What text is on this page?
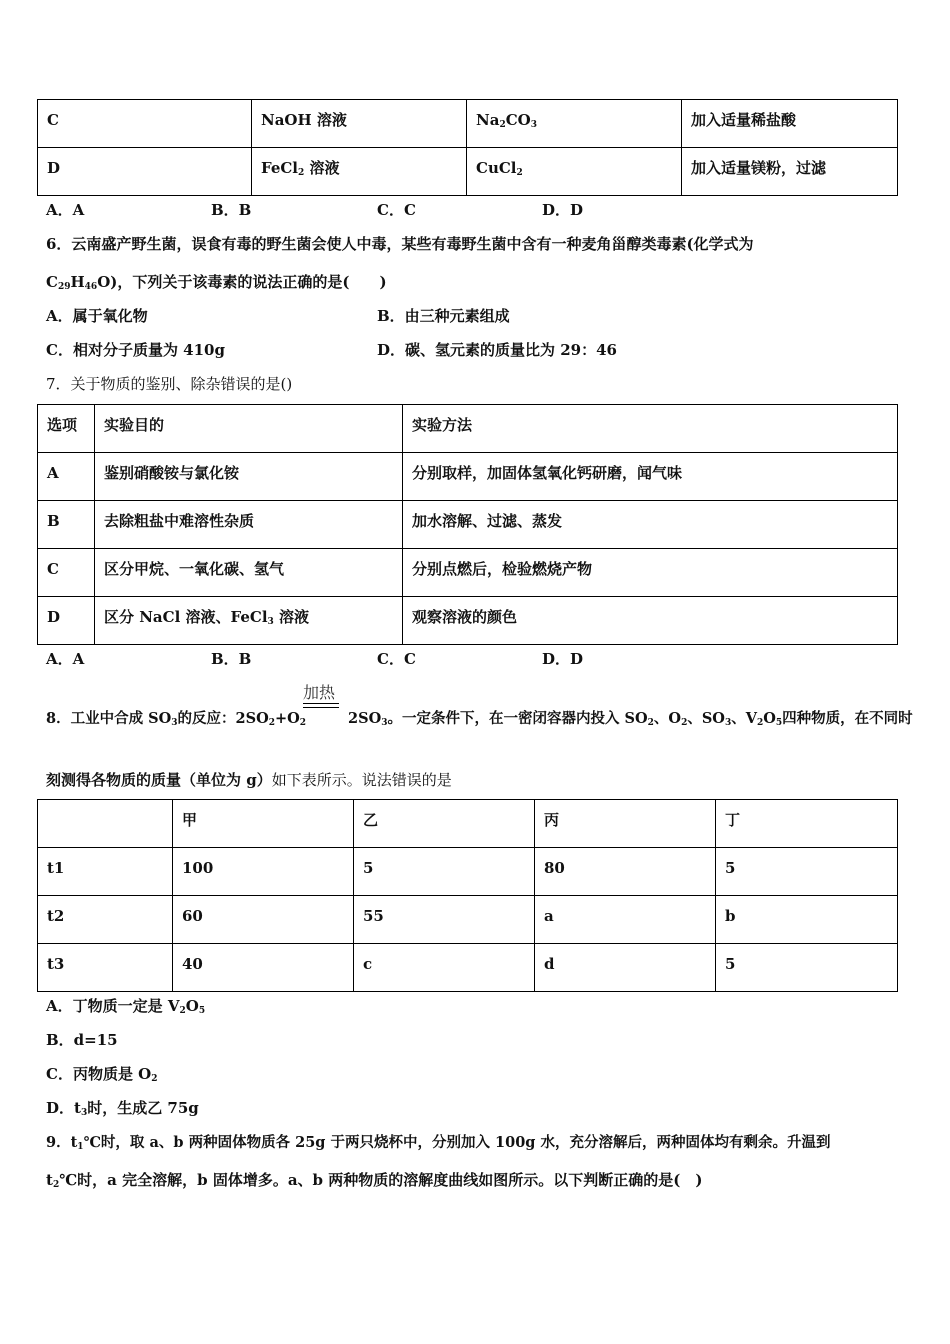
C	NaOH 溶液	$Na_2CO_3$	加入适量稀盐酸
D	FeCl$_2$ 溶液	CuCl$_2$	加入适量镁粉，过滤
A．A	B．B	C．C	D．D
6．云南盛产野生菌，误食有毒的野生菌会使人中毒，某些有毒野生菌中含有一种麦角甾醇类毒素(化学式为
$C_{29}H_{46}O$)，下列关于该毒素的说法正确的是(　　)
A．属于氧化物	B．由三种元素组成
C．相对分子质量为 410g	D．碳、氢元素的质量比为 29：46
7．关于物质的鉴别、除杂错误的是()
选项	实验目的	实验方法
A	鉴别硝酸铵与氯化铵	分别取样，加固体氢氧化钙研磨，闻气味
B	去除粗盐中难溶性杂质	加水溶解、过滤、蒸发
C	区分甲烷、一氧化碳、氢气	分别点燃后，检验燃烧产物
D	区分 NaCl 溶液、FeCl$_3$ 溶液	观察溶液的颜色
A．A	B．B	C．C	D．D
加热
8．工业中合成 $SO_3$的反应：$2SO_2+O_2$	$2SO_3$。一定条件下，在一密闭容器内投入 $SO_2$、$O_2$、$SO_3$、$V_2O_5$四种物质，在不同时
刻测得各物质的质量（单位为 g）如下表所示。说法错误的是
	甲	乙	丙	丁
t1	100	5	80	5
t2	60	55	a	b
t3	40	c	d	5
A．丁物质一定是 $V_2O_5$
B．d=15
C．丙物质是 $O_2$
D．$t_3$时，生成乙 75g
9．$t_1℃$时，取 a、b 两种固体物质各 25g 于两只烧杯中，分别加入 100g 水，充分溶解后，两种固体均有剩余。升温到
$t_2℃$时，a 完全溶解，b 固体增多。a、b 两种物质的溶解度曲线如图所示。以下判断正确的是(　)
